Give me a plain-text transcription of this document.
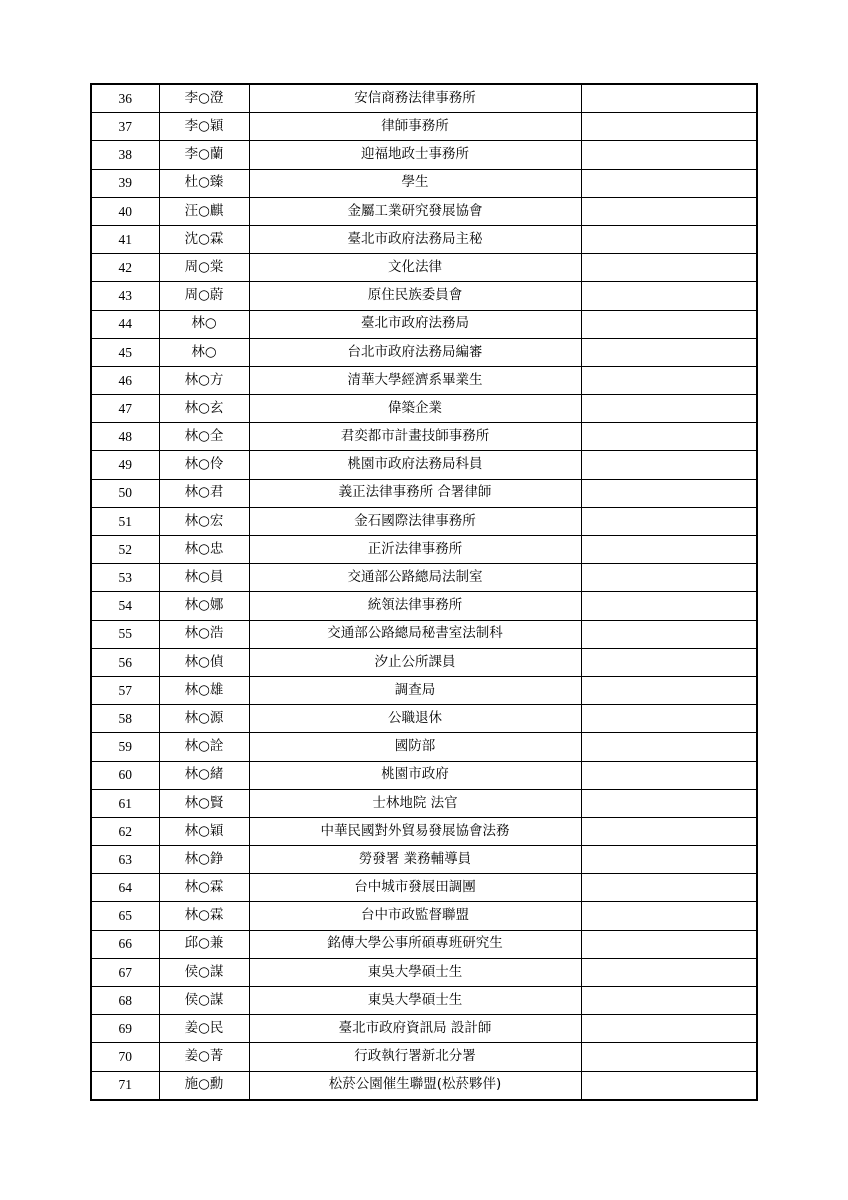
36	李○澄	安信商務法律事務所	
37	李○穎	律師事務所	
38	李○蘭	迎福地政士事務所	
39	杜○臻	學生	
40	汪○麒	金屬工業研究發展協會	
41	沈○霖	臺北市政府法務局主秘	
42	周○棠	文化法律	
43	周○蔚	原住民族委員會	
44	林○	臺北市政府法務局	
45	林○	台北市政府法務局編審	
46	林○方	清華大學經濟系畢業生	
47	林○玄	偉築企業	
48	林○全	君奕都市計畫技師事務所	
49	林○伶	桃園市政府法務局科員	
50	林○君	義正法律事務所 合署律師	
51	林○宏	金石國際法律事務所	
52	林○忠	正沂法律事務所	
53	林○員	交通部公路總局法制室	
54	林○娜	統領法律事務所	
55	林○浩	交通部公路總局秘書室法制科	
56	林○偵	汐止公所課員	
57	林○雄	調查局	
58	林○源	公職退休	
59	林○詮	國防部	
60	林○緒	桃園市政府	
61	林○賢	士林地院 法官	
62	林○穎	中華民國對外貿易發展協會法務	
63	林○錚	勞發署 業務輔導員	
64	林○霖	台中城市發展田調團	
65	林○霖	台中市政監督聯盟	
66	邱○兼	銘傳大學公事所碩專班研究生	
67	侯○謀	東吳大學碩士生	
68	侯○謀	東吳大學碩士生	
69	姜○民	臺北市政府資訊局 設計師	
70	姜○菁	行政執行署新北分署	
71	施○勳	松菸公園催生聯盟(松菸夥伴)	
